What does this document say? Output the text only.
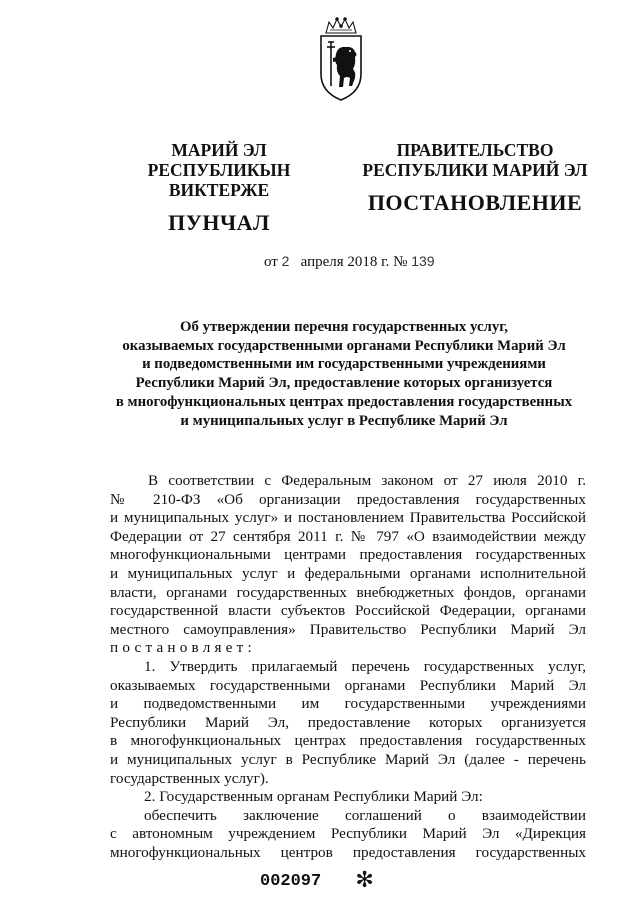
МАРИЙ ЭЛ РЕСПУБЛИКЫН
ВИКТЕРЖЕ
ПУНЧАЛ
ПРАВИТЕЛЬСТВО
РЕСПУБЛИКИ МАРИЙ ЭЛ
ПОСТАНОВЛЕНИЕ
от 2 апреля 2018 г. № 139
Об утверждении перечня государственных услуг,
оказываемых государственными органами Республики Марий Эл
и подведомственными им государственными учреждениями
Республики Марий Эл, предоставление которых организуется
в многофункциональных центрах предоставления государственных
и муниципальных услуг в Республике Марий Эл
В соответствии с Федеральным законом от 27 июля 2010 г.
№ 210-ФЗ «Об организации предоставления государственных
и муниципальных услуг» и постановлением Правительства Российской
Федерации от 27 сентября 2011 г. № 797 «О взаимодействии между
многофункциональными центрами предоставления государственных
и муниципальных услуг и федеральными органами исполнительной
власти, органами государственных внебюджетных фондов, органами
государственной власти субъектов Российской Федерации, органами
местного самоуправления» Правительство Республики Марий Эл
постановляет:
1. Утвердить прилагаемый перечень государственных услуг,
оказываемых государственными органами Республики Марий Эл
и подведомственными им государственными учреждениями
Республики Марий Эл, предоставление которых организуется
в многофункциональных центрах предоставления государственных
и муниципальных услуг в Республике Марий Эл (далее - перечень
государственных услуг).
2. Государственным органам Республики Марий Эл:
обеспечить заключение соглашений о взаимодействии
с автономным учреждением Республики Марий Эл «Дирекция
многофункциональных центров предоставления государственных
002097 ✻
